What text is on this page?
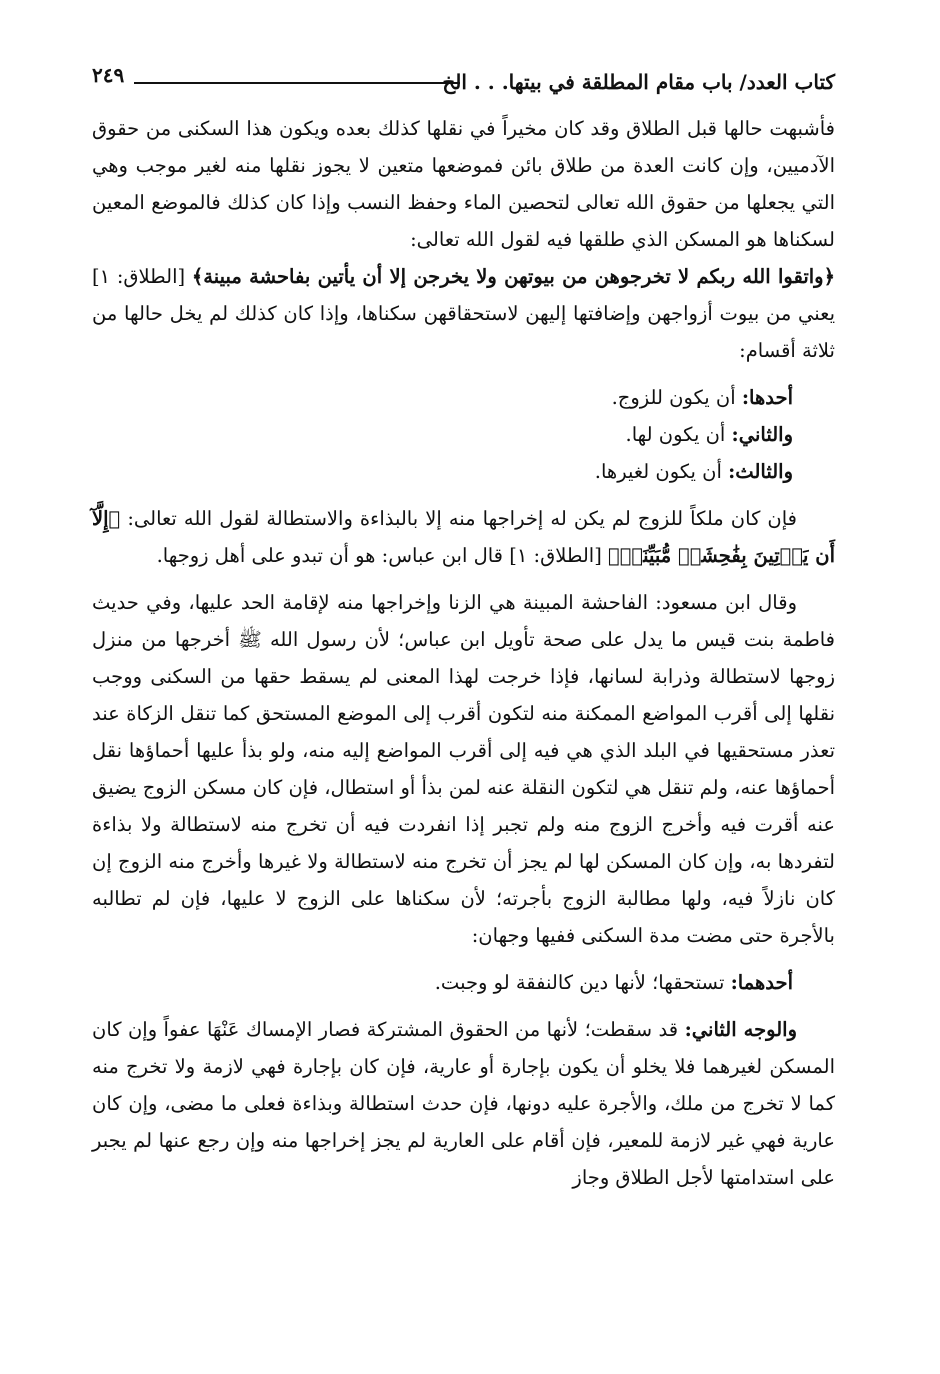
كتاب العدد/ باب مقام المطلقة في بيتها. . . الخ
٢٤٩

فأشبهت حالها قبل الطلاق وقد كان مخيراً في نقلها كذلك بعده ويكون هذا السكنى من حقوق الآدميين، وإن كانت العدة من طلاق بائن فموضعها متعين لا يجوز نقلها منه لغير موجب وهي التي يجعلها من حقوق الله تعالى لتحصين الماء وحفظ النسب وإذا كان كذلك فالموضع المعين لسكناها هو المسكن الذي طلقها فيه لقول الله تعالى:

﴿واتقوا الله ربكم لا تخرجوهن من بيوتهن ولا يخرجن إلا أن يأتين بفاحشة مبينة﴾ [الطلاق: ١] يعني من بيوت أزواجهن وإضافتها إليهن لاستحقاقهن سكناها، وإذا كان كذلك لم يخل حالها من ثلاثة أقسام:

أحدها: أن يكون للزوج.

والثاني: أن يكون لها.

والثالث: أن يكون لغيرها.

فإن كان ملكاً للزوج لم يكن له إخراجها منه إلا بالبذاءة والاستطالة لقول الله تعالى: ﴿إِلَّآ أَن يَأۡتِينَ بِفَٰحِشَةٖ مُّبَيِّنَةٖ﴾ [الطلاق: ١] قال ابن عباس: هو أن تبدو على أهل زوجها.

وقال ابن مسعود: الفاحشة المبينة هي الزنا وإخراجها منه لإقامة الحد عليها، وفي حديث فاطمة بنت قيس ما يدل على صحة تأويل ابن عباس؛ لأن رسول الله ﷺ أخرجها من منزل زوجها لاستطالة وذرابة لسانها، فإذا خرجت لهذا المعنى لم يسقط حقها من السكنى ووجب نقلها إلى أقرب المواضع الممكنة منه لتكون أقرب إلى الموضع المستحق كما تنقل الزكاة عند تعذر مستحقيها في البلد الذي هي فيه إلى أقرب المواضع إليه منه، ولو بذأ عليها أحماؤها نقل أحماؤها عنه، ولم تنقل هي لتكون النقلة عنه لمن بذأ أو استطال، فإن كان مسكن الزوج يضيق عنه أقرت فيه وأخرج الزوج منه ولم تجبر إذا انفردت فيه أن تخرج منه لاستطالة ولا بذاءة لتفردها به، وإن كان المسكن لها لم يجز أن تخرج منه لاستطالة ولا غيرها وأخرج منه الزوج إن كان نازلاً فيه، ولها مطالبة الزوج بأجرته؛ لأن سكناها على الزوج لا عليها، فإن لم تطالبه بالأجرة حتى مضت مدة السكنى ففيها وجهان:

أحدهما: تستحقها؛ لأنها دين كالنفقة لو وجبت.

والوجه الثاني: قد سقطت؛ لأنها من الحقوق المشتركة فصار الإمساك عَنْهَا عفواً وإن كان المسكن لغيرهما فلا يخلو أن يكون بإجارة أو عارية، فإن كان بإجارة فهي لازمة ولا تخرج منه كما لا تخرج من ملك، والأجرة عليه دونها، فإن حدث استطالة وبذاءة فعلى ما مضى، وإن كان عارية فهي غير لازمة للمعير، فإن أقام على العارية لم يجز إخراجها منه وإن رجع عنها لم يجبر على استدامتها لأجل الطلاق وجاز
